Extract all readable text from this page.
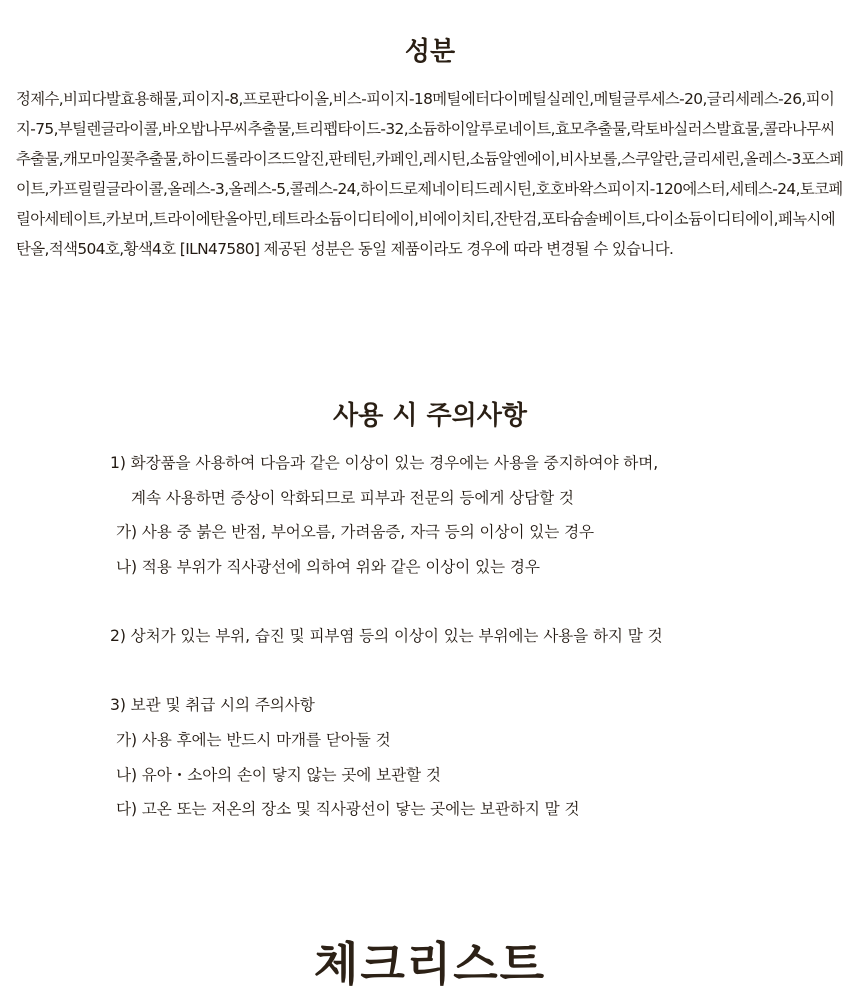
성분

정제수,비피다발효용해물,피이지-8,프로판다이올,비스-피이지-18메틸에터다이메틸실레인,메틸글루세스-20,글리세레스-26,피이지-75,부틸렌글라이콜,바오밥나무씨추출물,트리펩타이드-32,소듐하이알루로네이트,효모추출물,락토바실러스발효물,콜라나무씨추출물,캐모마일꽃추출물,하이드롤라이즈드알진,판테틴,카페인,레시틴,소듐알엔에이,비사보롤,스쿠알란,글리세린,올레스-3포스페이트,카프릴릴글라이콜,올레스-3,올레스-5,콜레스-24,하이드로제네이티드레시틴,호호바왁스피이지-120에스터,세테스-24,토코페릴아세테이트,카보머,트라이에탄올아민,테트라소듐이디티에이,비에이치티,잔탄검,포타슘솔베이트,다이소듐이디티에이,페녹시에탄올,적색504호,황색4호 [ILN47580] 제공된 성분은 동일 제품이라도 경우에 따라 변경될 수 있습니다.

사용 시 주의사항

1) 화장품을 사용하여 다음과 같은 이상이 있는 경우에는 사용을 중지하여야 하며,

계속 사용하면 증상이 악화되므로 피부과 전문의 등에게 상담할 것

가) 사용 중 붉은 반점, 부어오름, 가려움증, 자극 등의 이상이 있는 경우

나) 적용 부위가 직사광선에 의하여 위와 같은 이상이 있는 경우

2) 상처가 있는 부위, 습진 및 피부염 등의 이상이 있는 부위에는 사용을 하지 말 것

3) 보관 및 취급 시의 주의사항

가) 사용 후에는 반드시 마개를 닫아둘 것

나) 유아・소아의 손이 닿지 않는 곳에 보관할 것

다) 고온 또는 저온의 장소 및 직사광선이 닿는 곳에는 보관하지 말 것

체크리스트
